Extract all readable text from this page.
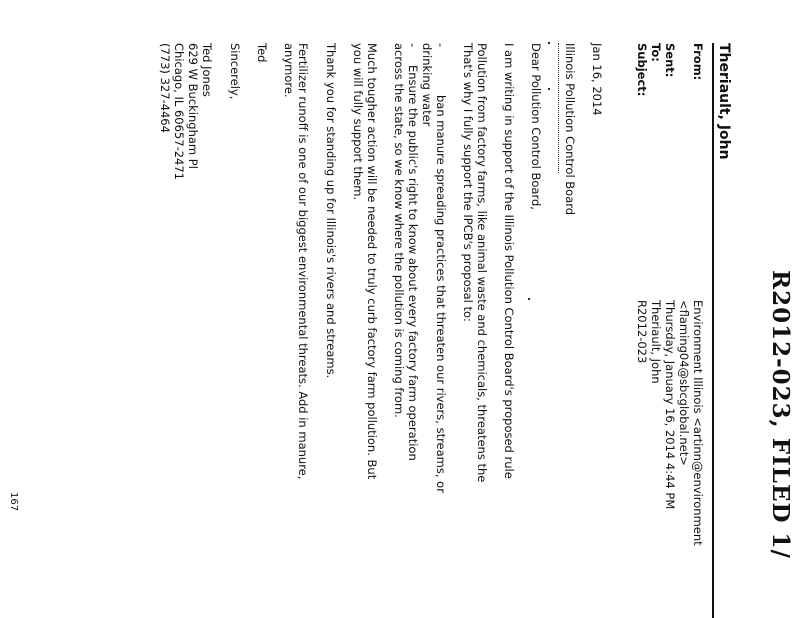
R2012-023, FILED 1/
Theriault, John
From:
Sent:
To:
Subject:
Environment Illinois <artinn@environment
<flaming04@sbcglobal.net>
Thursday, January 16, 2014 4:44 PM
Theriault, John
R2012-023
Jan 16, 2014
Illinois Pollution Control Board
Dear Pollution Control Board,
I am writing in support of the Illinois Pollution Control Board's proposed rule
Pollution from factory farms, like animal waste and chemicals, threatens the
That's why I fully support the IPCB's proposal to:
-
ban manure spreading practices that threaten our rivers, streams, or
drinking water
-
Ensure the public's right to know about every factory farm operation
across the state, so we know where the pollution is coming from.
Much tougher action will be needed to truly curb factory farm pollution. But
you will fully support them.
Thank you for standing up for Illinois's rivers and streams.
Fertilizer runoff is one of our biggest environmental threats. Add in manure,
anymore.
Ted
Sincerely,
Ted Jones
629 W Buckingham Pl
Chicago, IL 60657-2471
(773) 327-4464
167
